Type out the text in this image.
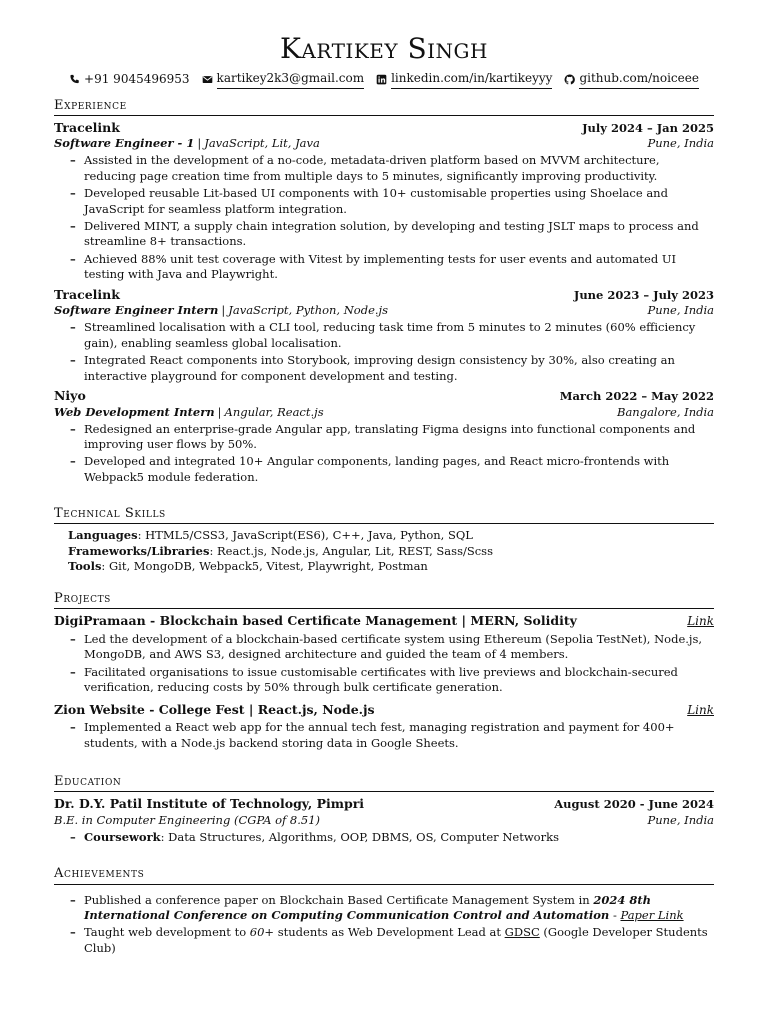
Kartikey Singh
+91 9045496953 kartikey2k3@gmail.com linkedin.com/in/kartikeyyy github.com/noiceee
Experience
Tracelink	July 2024 – Jan 2025
Software Engineer - 1 | JavaScript, Lit, Java	Pune, India
– Assisted in the development of a no-code, metadata-driven platform based on MVVM architecture, reducing page creation time from multiple days to 5 minutes, significantly improving productivity.
– Developed reusable Lit-based UI components with 10+ customisable properties using Shoelace and JavaScript for seamless platform integration.
– Delivered MINT, a supply chain integration solution, by developing and testing JSLT maps to process and streamline 8+ transactions.
– Achieved 88% unit test coverage with Vitest by implementing tests for user events and automated UI testing with Java and Playwright.
Tracelink	June 2023 – July 2023
Software Engineer Intern | JavaScript, Python, Node.js	Pune, India
– Streamlined localisation with a CLI tool, reducing task time from 5 minutes to 2 minutes (60% efficiency gain), enabling seamless global localisation.
– Integrated React components into Storybook, improving design consistency by 30%, also creating an interactive playground for component development and testing.
Niyo	March 2022 – May 2022
Web Development Intern | Angular, React.js	Bangalore, India
– Redesigned an enterprise-grade Angular app, translating Figma designs into functional components and improving user flows by 50%.
– Developed and integrated 10+ Angular components, landing pages, and React micro-frontends with Webpack5 module federation.
Technical Skills
Languages: HTML5/CSS3, JavaScript(ES6), C++, Java, Python, SQL
Frameworks/Libraries: React.js, Node.js, Angular, Lit, REST, Sass/Scss
Tools: Git, MongoDB, Webpack5, Vitest, Playwright, Postman
Projects
DigiPramaan - Blockchain based Certificate Management | MERN, Solidity	Link
– Led the development of a blockchain-based certificate system using Ethereum (Sepolia TestNet), Node.js, MongoDB, and AWS S3, designed architecture and guided the team of 4 members.
– Facilitated organisations to issue customisable certificates with live previews and blockchain-secured verification, reducing costs by 50% through bulk certificate generation.
Zion Website - College Fest | React.js, Node.js	Link
– Implemented a React web app for the annual tech fest, managing registration and payment for 400+ students, with a Node.js backend storing data in Google Sheets.
Education
Dr. D.Y. Patil Institute of Technology, Pimpri	August 2020 - June 2024
B.E. in Computer Engineering (CGPA of 8.51)	Pune, India
– Coursework: Data Structures, Algorithms, OOP, DBMS, OS, Computer Networks
Achievements
– Published a conference paper on Blockchain Based Certificate Management System in 2024 8th International Conference on Computing Communication Control and Automation - Paper Link
– Taught web development to 60+ students as Web Development Lead at GDSC (Google Developer Students Club)
